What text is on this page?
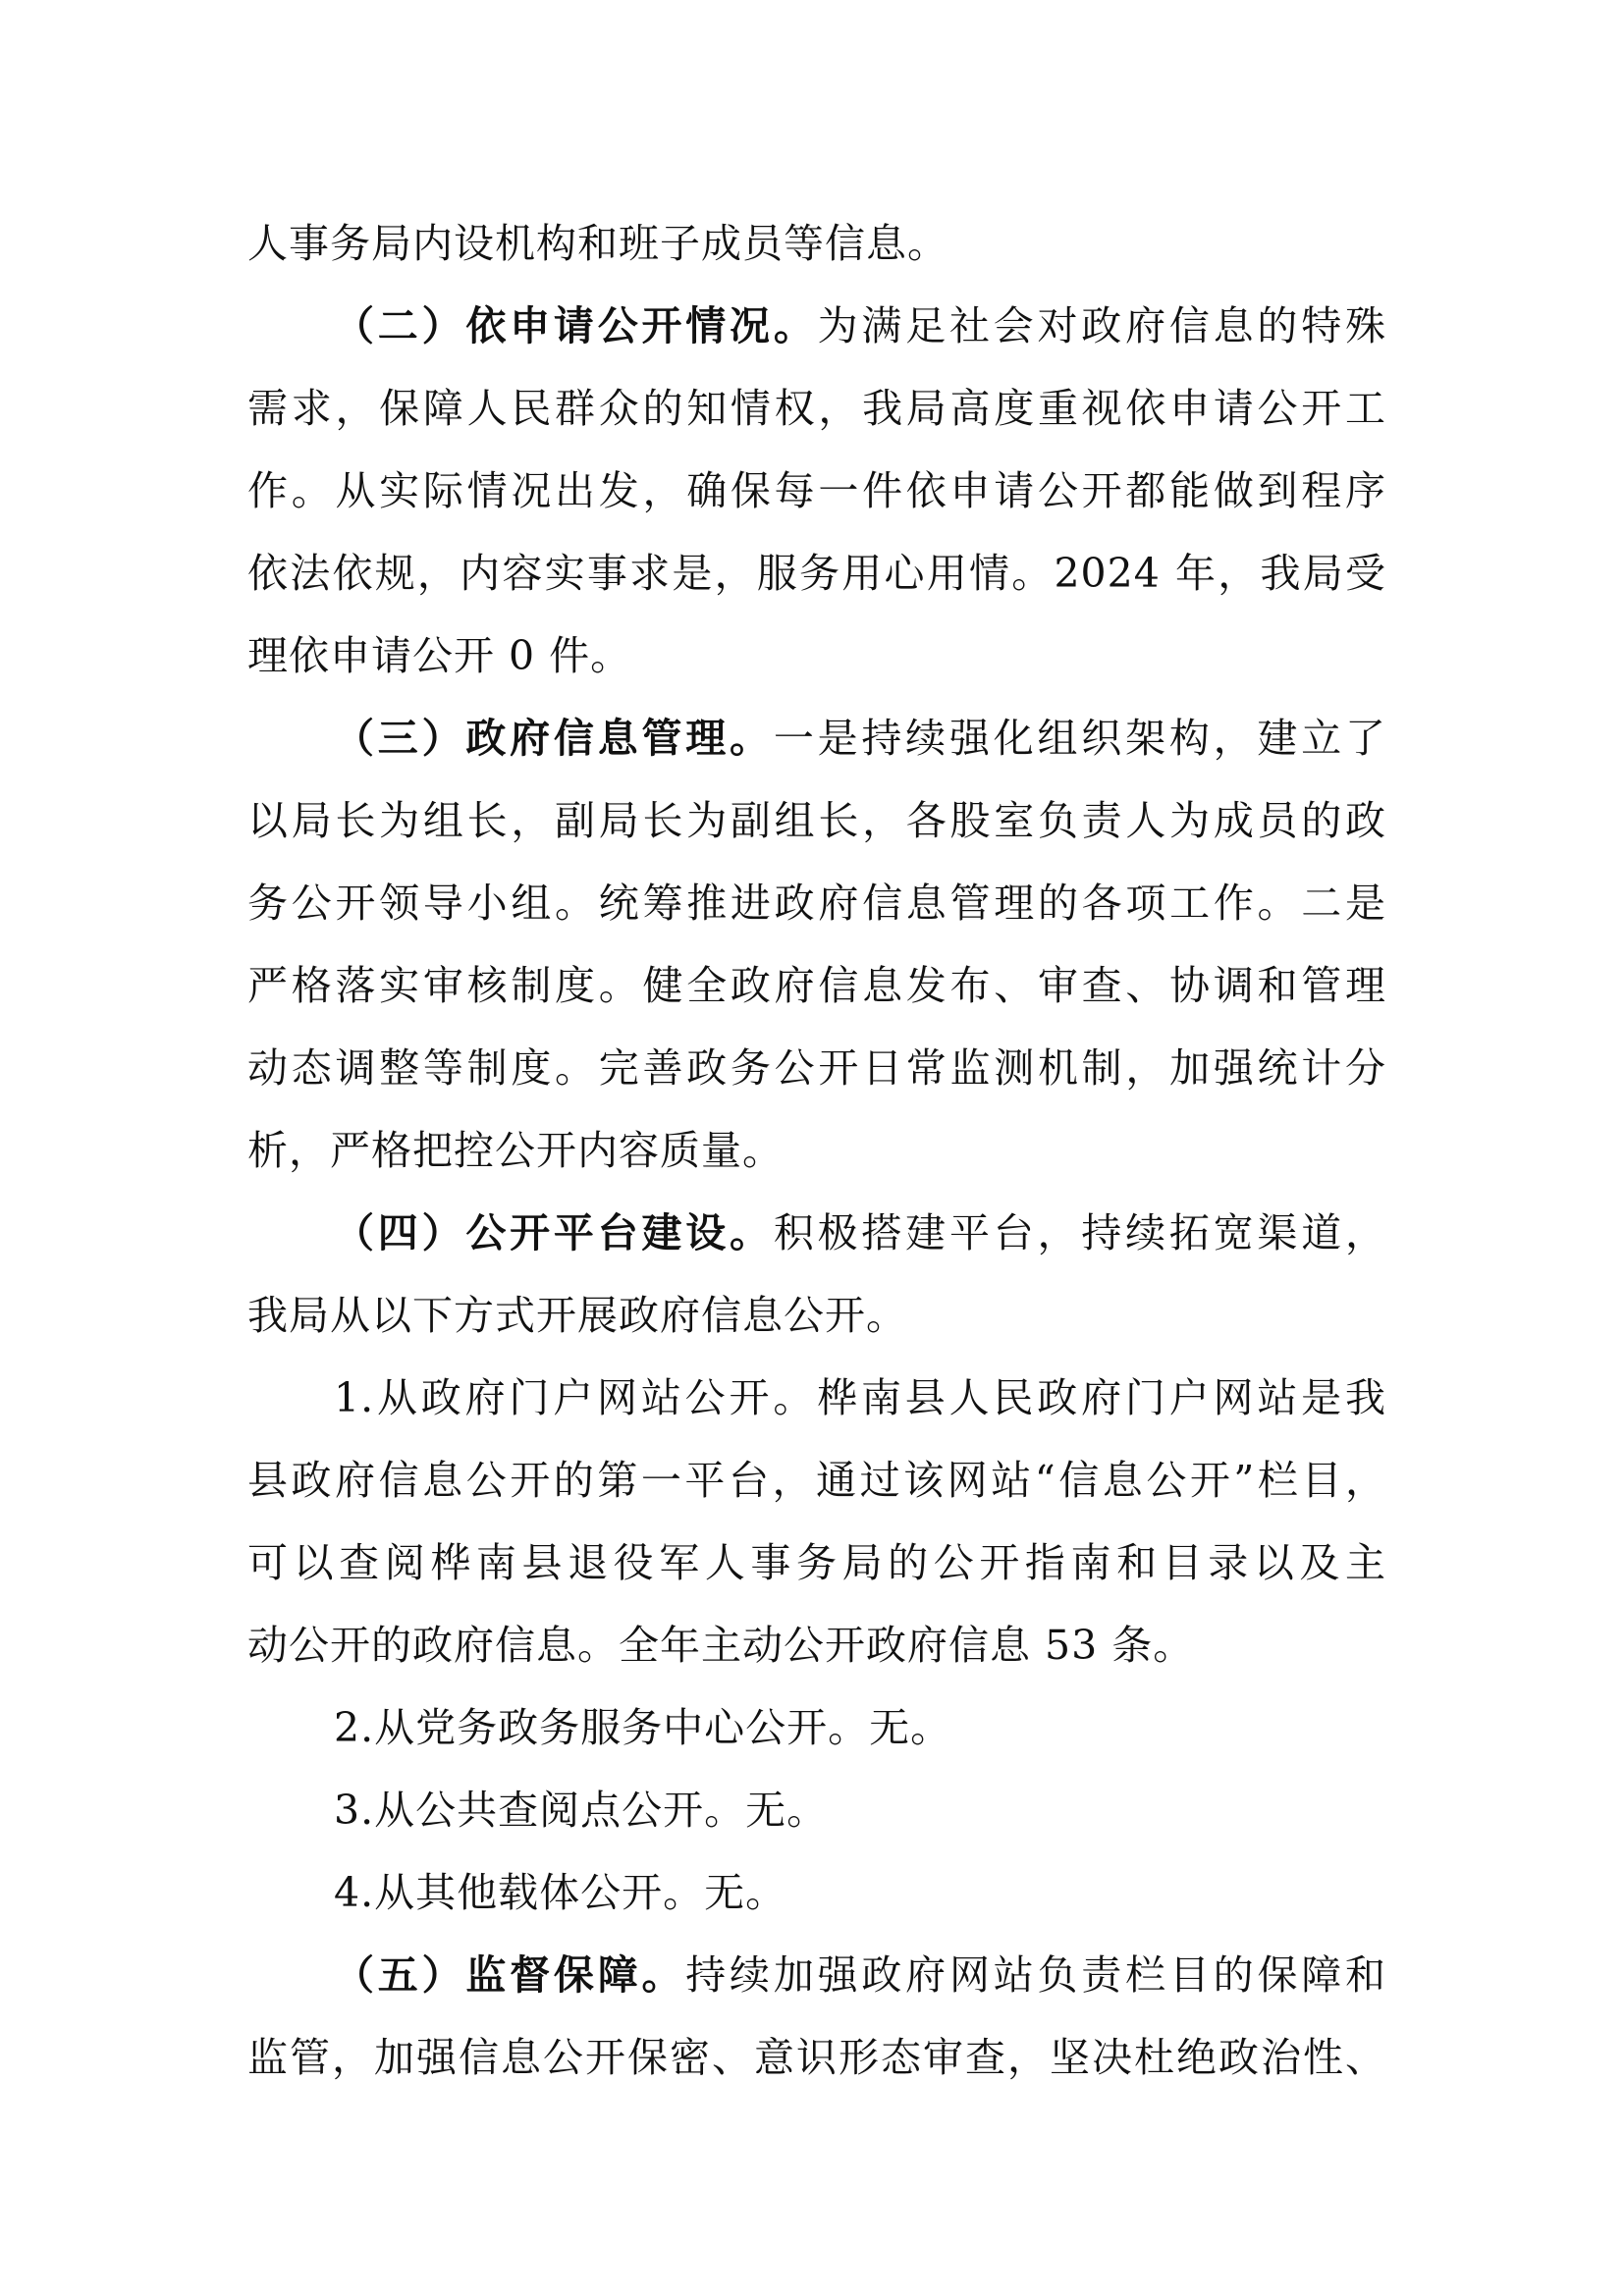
人事务局内设机构和班子成员等信息。
（二）依申请公开情况。为满足社会对政府信息的特殊
需求，保障人民群众的知情权，我局高度重视依申请公开工
作。从实际情况出发，确保每一件依申请公开都能做到程序
依法依规，内容实事求是，服务用心用情。2024 年，我局受
理依申请公开 0 件。
（三）政府信息管理。一是持续强化组织架构，建立了
以局长为组长，副局长为副组长，各股室负责人为成员的政
务公开领导小组。统筹推进政府信息管理的各项工作。二是
严格落实审核制度。健全政府信息发布、审查、协调和管理
动态调整等制度。完善政务公开日常监测机制，加强统计分
析，严格把控公开内容质量。
（四）公开平台建设。积极搭建平台，持续拓宽渠道，
我局从以下方式开展政府信息公开。
1.从政府门户网站公开。桦南县人民政府门户网站是我
县政府信息公开的第一平台，通过该网站“信息公开”栏目，
可以查阅桦南县退役军人事务局的公开指南和目录以及主
动公开的政府信息。全年主动公开政府信息 53 条。
2.从党务政务服务中心公开。无。
3.从公共查阅点公开。无。
4.从其他载体公开。无。
（五）监督保障。持续加强政府网站负责栏目的保障和
监管，加强信息公开保密、意识形态审查，坚决杜绝政治性、
